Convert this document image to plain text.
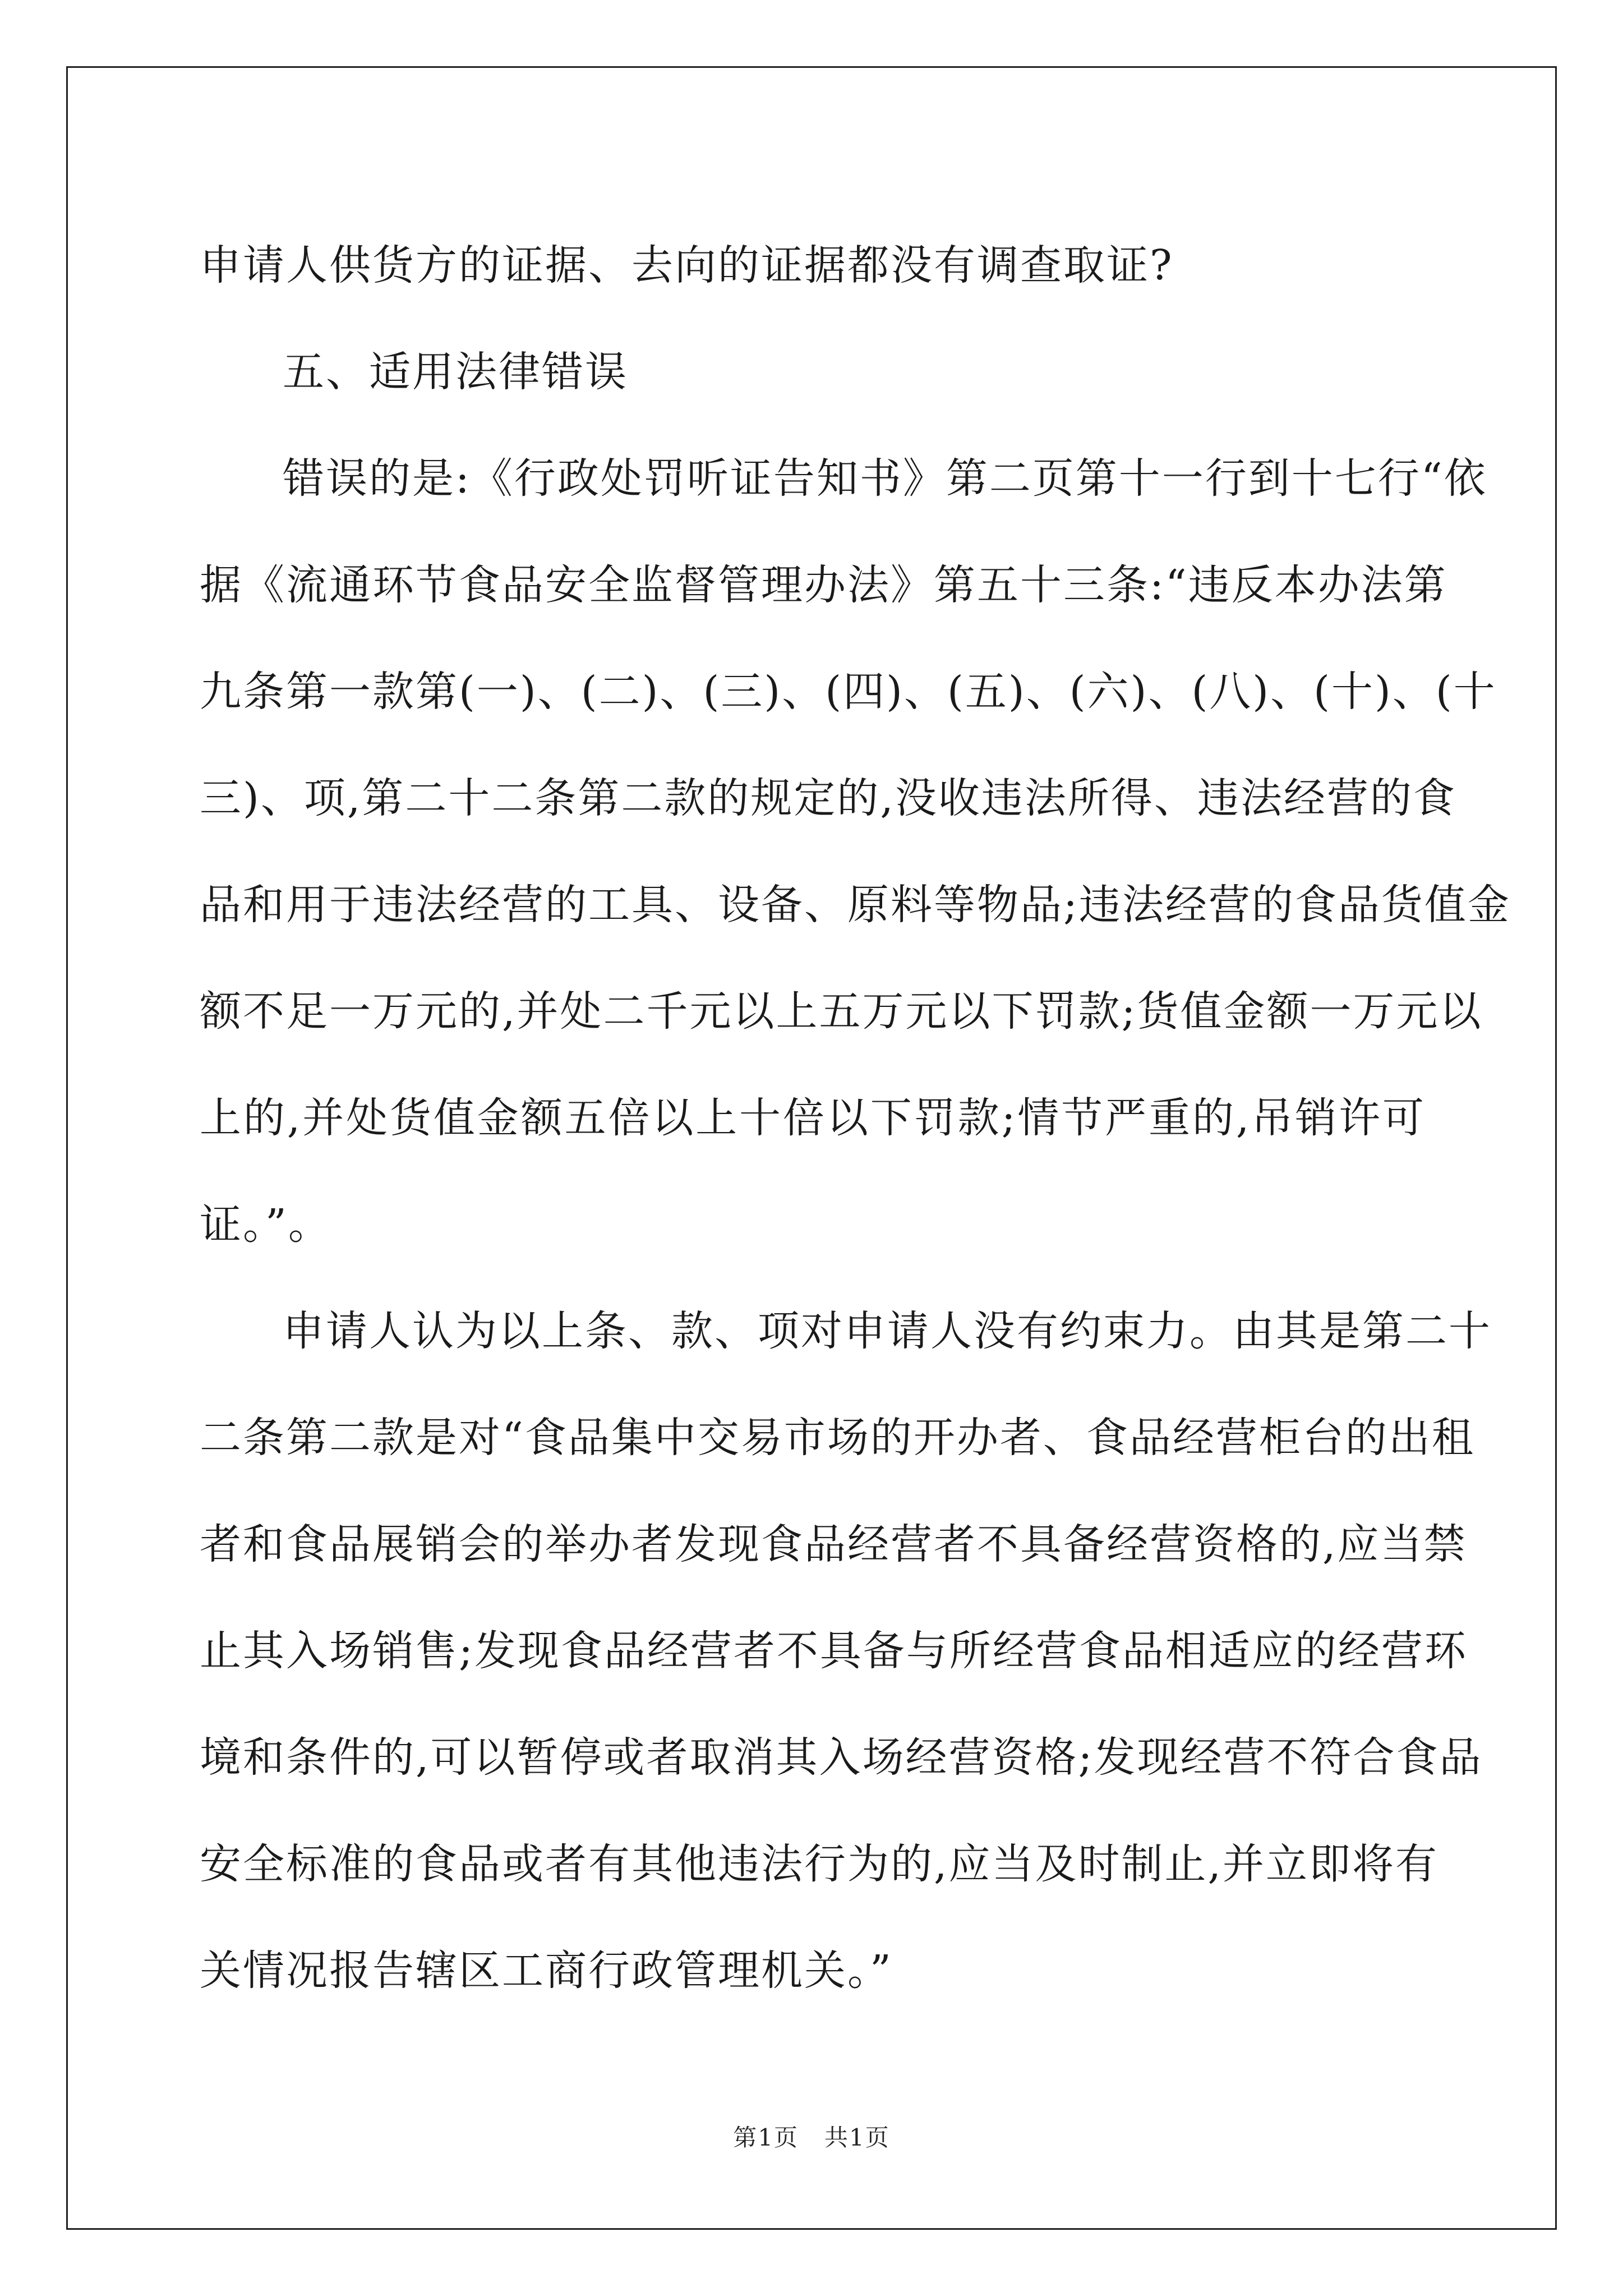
申请人供货方的证据、去向的证据都没有调查取证?
五、适用法律错误
错误的是:《行政处罚听证告知书》第二页第十一行到十七行“依
据《流通环节食品安全监督管理办法》第五十三条:“违反本办法第
九条第一款第(一)、(二)、(三)、(四)、(五)、(六)、(八)、(十)、(十
三)、项,第二十二条第二款的规定的,没收违法所得、违法经营的食
品和用于违法经营的工具、设备、原料等物品;违法经营的食品货值金
额不足一万元的,并处二千元以上五万元以下罚款;货值金额一万元以
上的,并处货值金额五倍以上十倍以下罚款;情节严重的,吊销许可
证。”。
申请人认为以上条、款、项对申请人没有约束力。由其是第二十
二条第二款是对“食品集中交易市场的开办者、食品经营柜台的出租
者和食品展销会的举办者发现食品经营者不具备经营资格的,应当禁
止其入场销售;发现食品经营者不具备与所经营食品相适应的经营环
境和条件的,可以暂停或者取消其入场经营资格;发现经营不符合食品
安全标准的食品或者有其他违法行为的,应当及时制止,并立即将有
关情况报告辖区工商行政管理机关。”
第1页 共1页
